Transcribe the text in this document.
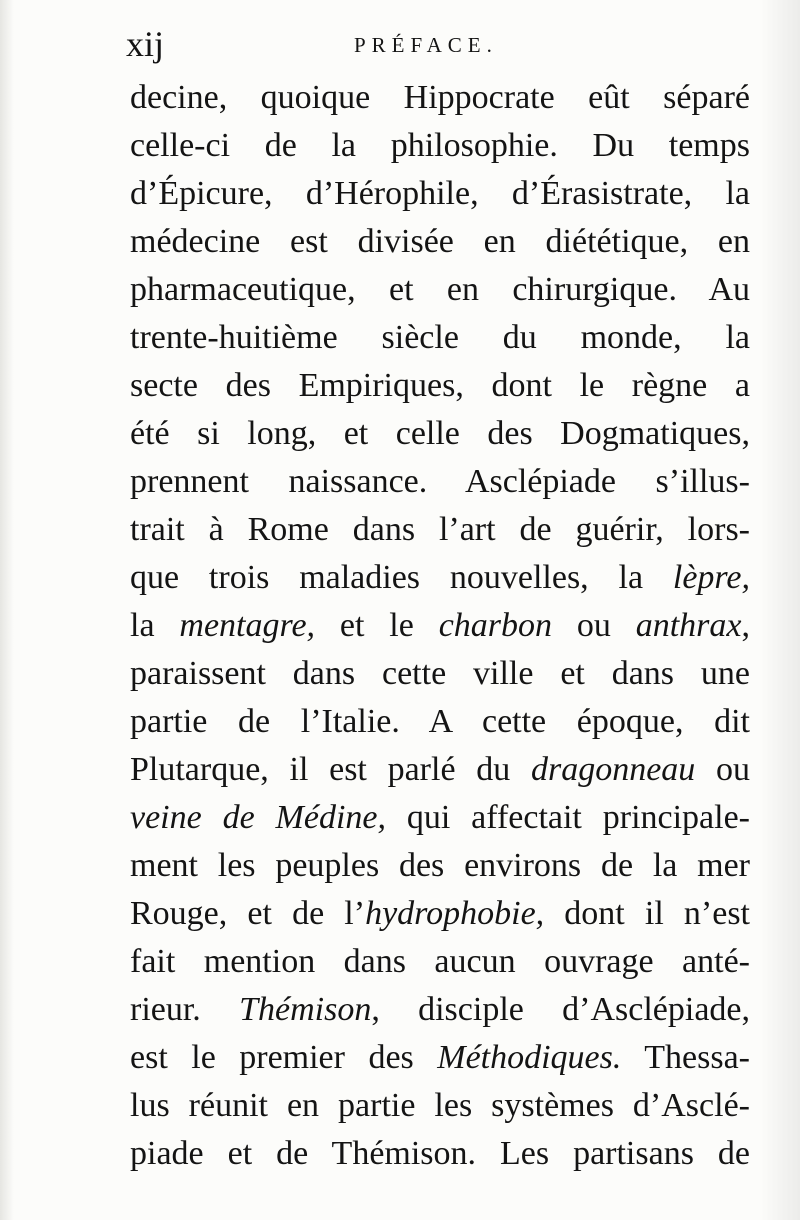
xij	PRÉFACE.
decine, quoique Hippocrate eût séparé
celle-ci de la philosophie. Du temps
d’Épicure, d’Hérophile, d’Érasistrate, la
médecine est divisée en diététique, en
pharmaceutique, et en chirurgique. Au
trente-huitième siècle du monde, la
secte des Empiriques, dont le règne a
été si long, et celle des Dogmatiques,
prennent naissance. Asclépiade s’illus-
trait à Rome dans l’art de guérir, lors-
que trois maladies nouvelles, la lèpre,
la mentagre, et le charbon ou anthrax,
paraissent dans cette ville et dans une
partie de l’Italie. A cette époque, dit
Plutarque, il est parlé du dragonneau ou
veine de Médine, qui affectait principale-
ment les peuples des environs de la mer
Rouge, et de l’hydrophobie, dont il n’est
fait mention dans aucun ouvrage anté-
rieur. Thémison, disciple d’Asclépiade,
est le premier des Méthodiques. Thessa-
lus réunit en partie les systèmes d’Asclé-
piade et de Thémison. Les partisans de
